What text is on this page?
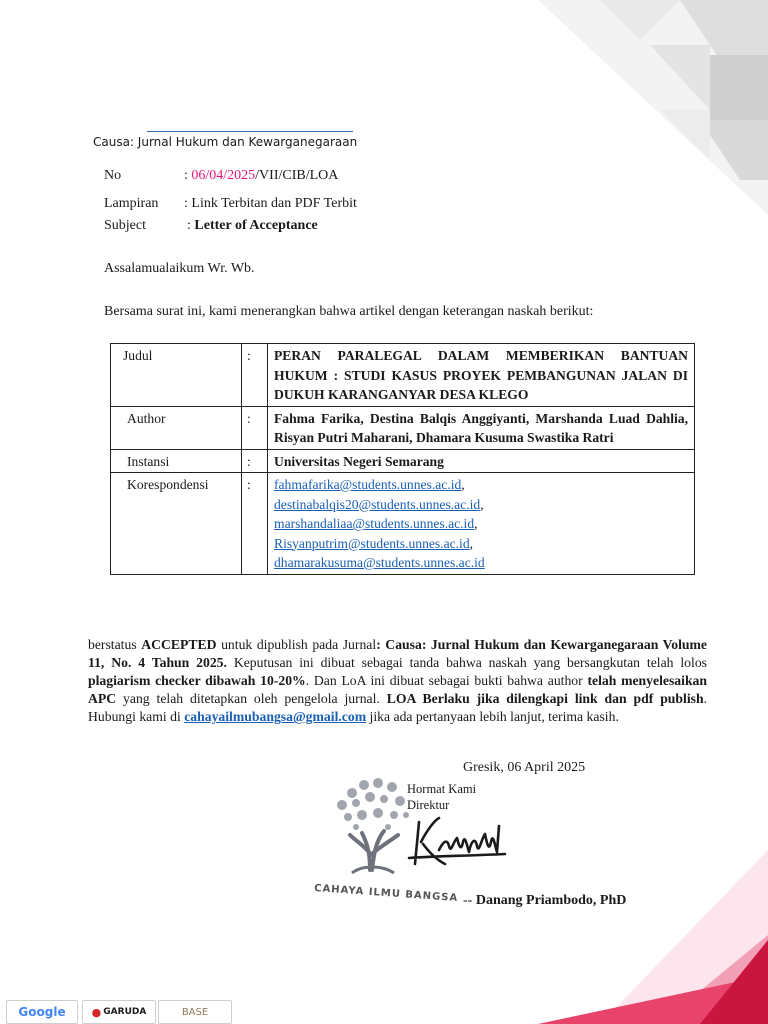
Causa: Jurnal Hukum dan Kewarganegaraan
No	: 06/04/2025/VII/CIB/LOA
Lampiran : Link Terbitan dan PDF Terbit
Subject	: Letter of Acceptance

Assalamualaikum Wr. Wb.

Bersama surat ini, kami menerangkan bahwa artikel dengan keterangan naskah berikut:

Judul	:	PERAN PARALEGAL DALAM MEMBERIKAN BANTUAN HUKUM : STUDI KASUS PROYEK PEMBANGUNAN JALAN DI DUKUH KARANGANYAR DESA KLEGO
Author	:	Fahma Farika, Destina Balqis Anggiyanti, Marshanda Luad Dahlia, Risyan Putri Maharani, Dhamara Kusuma Swastika Ratri
Instansi	:	Universitas Negeri Semarang
Korespondensi	:	fahmafarika@students.unnes.ac.id,
destinabalqis20@students.unnes.ac.id,
marshandaliaa@students.unnes.ac.id,
Risyanputrim@students.unnes.ac.id,
dhamarakusuma@students.unnes.ac.id
berstatus ACCEPTED untuk dipublish pada Jurnal: Causa: Jurnal Hukum dan Kewarganegaraan Volume 11, No. 4 Tahun 2025. Keputusan ini dibuat sebagai tanda bahwa naskah yang bersangkutan telah lolos plagiarism checker dibawah 10-20%. Dan LoA ini dibuat sebagai bukti bahwa author telah menyelesaikan APC yang telah ditetapkan oleh pengelola jurnal. LOA Berlaku jika dilengkapi link dan pdf publish. Hubungi kami di cahayailmubangsa@gmail.com jika ada pertanyaan lebih lanjut, terima kasih.
Gresik, 06 April 2025
Hormat Kami
Direktur
CAHAYA ILMU BANGSA -- Danang Priambodo, PhD
Google ● GARUDA	BASE
